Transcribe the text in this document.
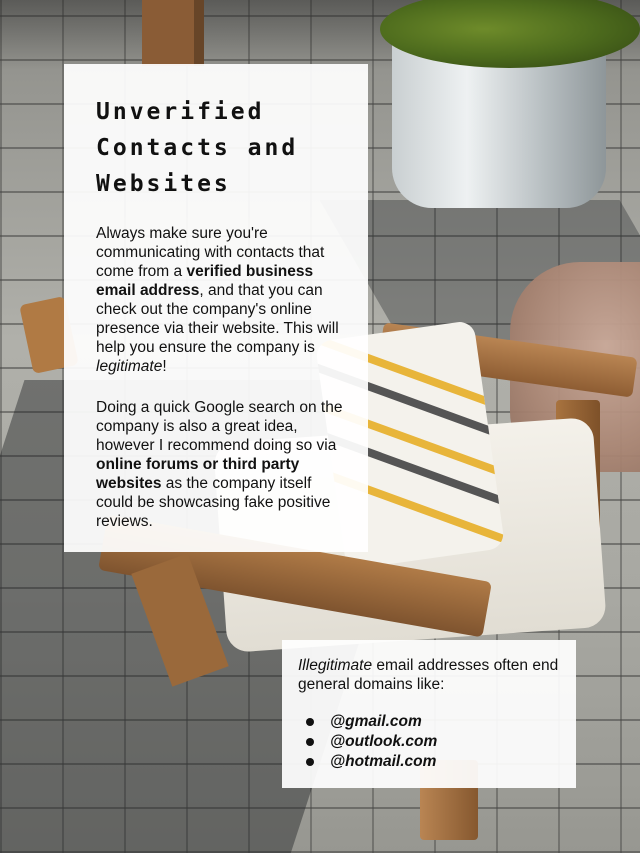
Unverified
Contacts and
Websites

Always make sure you're communicating with contacts that come from a verified business email address, and that you can check out the company's online presence via their website. This will help you ensure the company is legitimate!

Doing a quick Google search on the company is also a great idea, however I recommend doing so via online forums or third party websites as the company itself could be showcasing fake positive reviews.

Illegitimate email addresses often end general domains like:

@gmail.com
@outlook.com
@hotmail.com
